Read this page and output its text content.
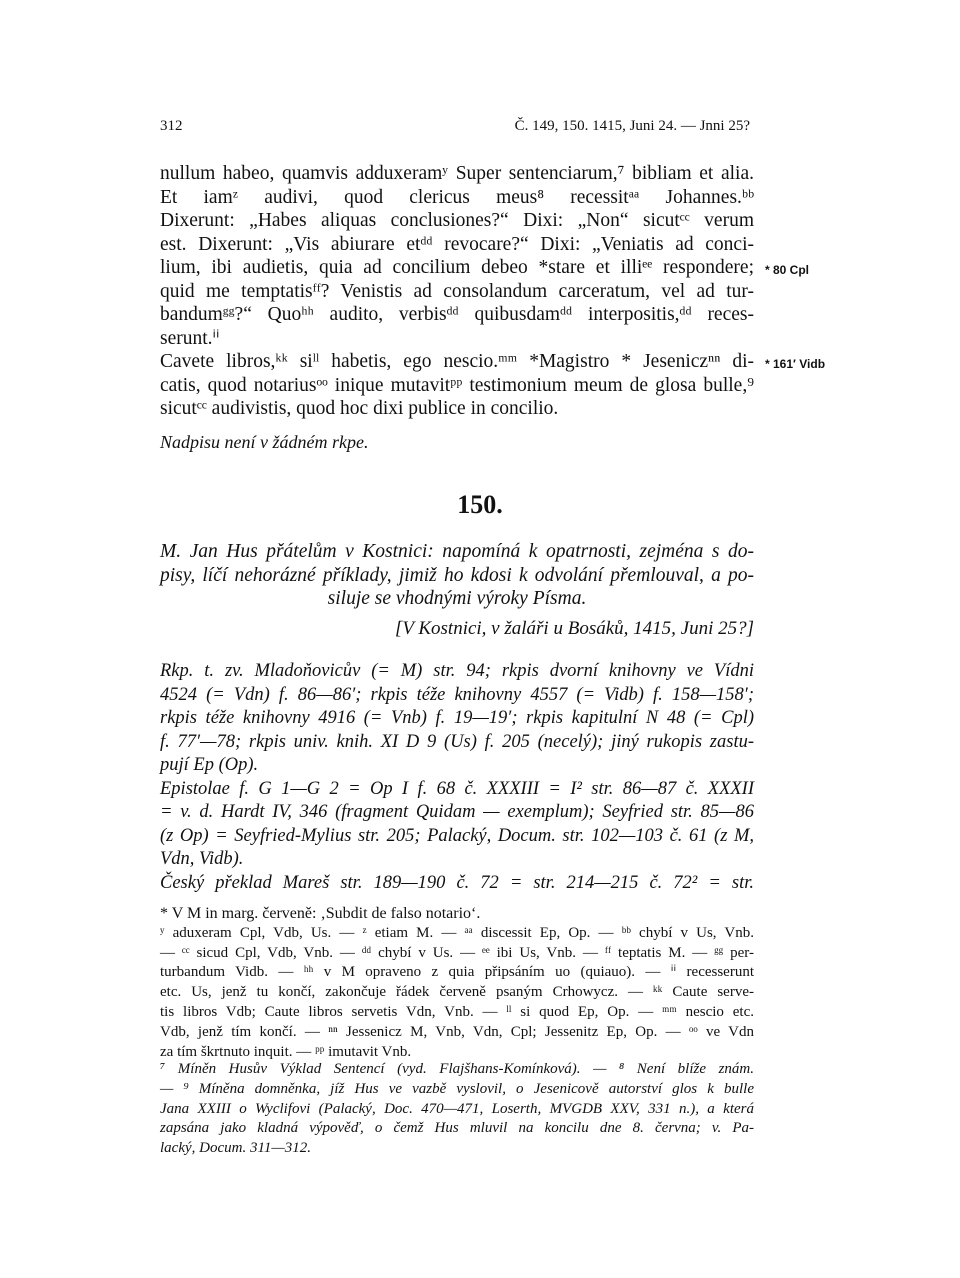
312	Č. 149, 150. 1415, Juni 24. — Jnni 25?
nullum habeo, quamvis adduxeramʸ Super sentenciarum,⁷ bibliam et alia.
Et iamᶻ audivi, quod clericus meus⁸ recessitᵃᵃ Johannes.ᵇᵇ
Dixerunt: „Habes aliquas conclusiones?“ Dixi: „Non“ sicutᶜᶜ verum
est. Dixerunt: „Vis abiurare etᵈᵈ revocare?“ Dixi: „Veniatis ad conci-
lium, ibi audietis, quia ad concilium debeo *stare et illiᵉᵉ respondere;
quid me temptatisᶠᶠ? Venistis ad consolandum carceratum, vel ad tur-
bandumᵍᵍ?“ Quoʰʰ audito, verbisᵈᵈ quibusdamᵈᵈ interpositis,ᵈᵈ reces-
serunt.ⁱⁱ
Cavete libros,ᵏᵏ siˡˡ habetis, ego nescio.ᵐᵐ *Magistro * Jeseniczⁿⁿ di-
catis, quod notariusᵒᵒ inique mutavitᵖᵖ testimonium meum de glosa bulle,⁹
sicutᶜᶜ audivistis, quod hoc dixi publice in concilio.
* 80 Cpl
* 161′ Vidb
Nadpisu není v žádném rkpe.
150.
M. Jan Hus přátelům v Kostnici: napomíná k opatrnosti, zejména s do-
pisy, líčí nehorázné příklady, jimiž ho kdosi k odvolání přemlouval, a po-
siluje se vhodnými výroky Písma.
[V Kostnici, v žaláři u Bosáků, 1415, Juni 25?]
Rkp. t. zv. Mladoňovicův (= M) str. 94; rkpis dvorní knihovny ve Vídni
4524 (= Vdn) f. 86—86′; rkpis téže knihovny 4557 (= Vidb) f. 158—158′;
rkpis téže knihovny 4916 (= Vnb) f. 19—19′; rkpis kapitulní N 48 (= Cpl)
f. 77′—78; rkpis univ. knih. XI D 9 (Us) f. 205 (necelý); jiný rukopis zastu-
pují Ep (Op).
Epistolae f. G 1—G 2 = Op I f. 68 č. XXXIII = I² str. 86—87 č. XXXII
= v. d. Hardt IV, 346 (fragment Quidam — exemplum); Seyfried str. 85—86
(z Op) = Seyfried-Mylius str. 205; Palacký, Docum. str. 102—103 č. 61 (z M,
Vdn, Vidb).
Český překlad Mareš str. 189—190 č. 72 = str. 214—215 č. 72² = str.
* V M in marg. červeně: ‚Subdit de falso notario‘.
ʸ aduxeram Cpl, Vdb, Us. — ᶻ etiam M. — ᵃᵃ discessit Ep, Op. — ᵇᵇ chybí v Us, Vnb.
— ᶜᶜ sicud Cpl, Vdb, Vnb. — ᵈᵈ chybí v Us. — ᵉᵉ ibi Us, Vnb. — ᶠᶠ teptatis M. — ᵍᵍ per-
turbandum Vidb. — ʰʰ v M opraveno z quia připsáním uo (quiauo). — ⁱⁱ recesserunt
etc. Us, jenž tu končí, zakončuje řádek červeně psaným Crhowycz. — ᵏᵏ Caute serve-
tis libros Vdb; Caute libros servetis Vdn, Vnb. — ˡˡ si quod Ep, Op. — ᵐᵐ nescio etc.
Vdb, jenž tím končí. — ⁿⁿ Jessenicz M, Vnb, Vdn, Cpl; Jessenitz Ep, Op. — ᵒᵒ ve Vdn
za tím škrtnuto inquit. — ᵖᵖ imutavit Vnb.
⁷ Míněn Husův Výklad Sentencí (vyd. Flajšhans-Komínková). — ⁸ Není blíže znám.
— ⁹ Míněna domněnka, jíž Hus ve vazbě vyslovil, o Jesenicově autorství glos k bulle
Jana XXIII o Wyclifovi (Palacký, Doc. 470—471, Loserth, MVGDB XXV, 331 n.), a která
zapsána jako kladná výpověď, o čemž Hus mluvil na koncilu dne 8. června; v. Pa-
lacký, Docum. 311—312.
